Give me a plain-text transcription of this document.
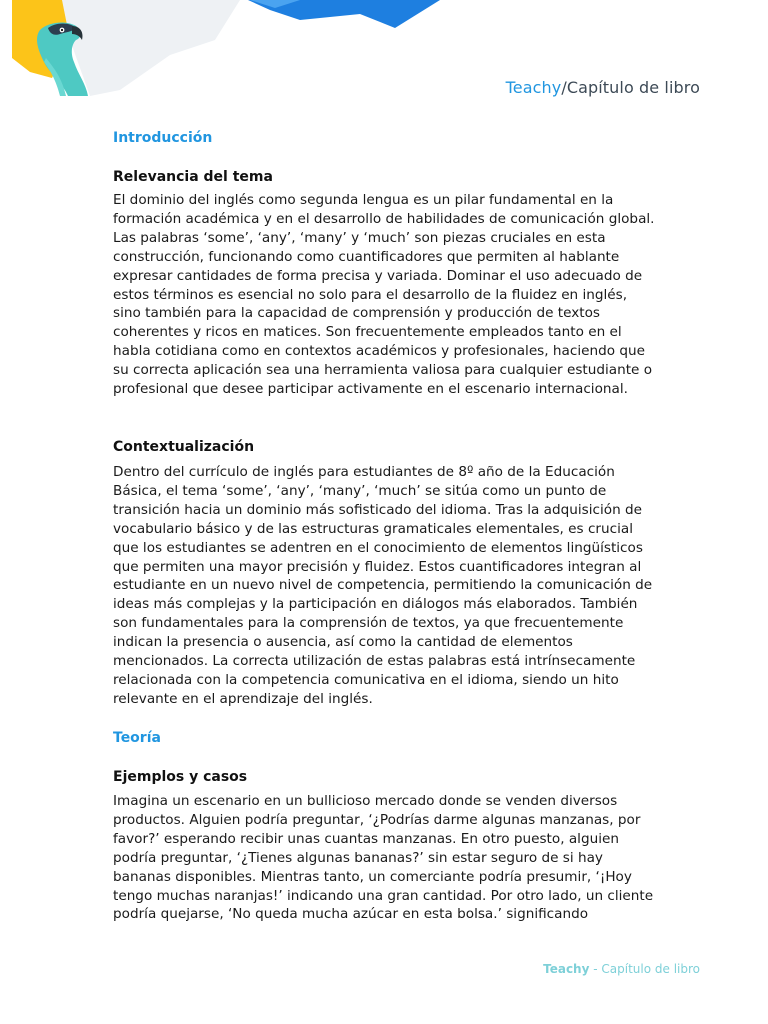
Teachy/Capítulo de libro
Introducción
Relevancia del tema
El dominio del inglés como segunda lengua es un pilar fundamental en la formación académica y en el desarrollo de habilidades de comunicación global. Las palabras ‘some’, ‘any’, ‘many’ y ‘much’ son piezas cruciales en esta construcción, funcionando como cuantificadores que permiten al hablante expresar cantidades de forma precisa y variada. Dominar el uso adecuado de estos términos es esencial no solo para el desarrollo de la fluidez en inglés, sino también para la capacidad de comprensión y producción de textos coherentes y ricos en matices. Son frecuentemente empleados tanto en el habla cotidiana como en contextos académicos y profesionales, haciendo que su correcta aplicación sea una herramienta valiosa para cualquier estudiante o profesional que desee participar activamente en el escenario internacional.
Contextualización
Dentro del currículo de inglés para estudiantes de 8º año de la Educación Básica, el tema ‘some’, ‘any’, ‘many’, ‘much’ se sitúa como un punto de transición hacia un dominio más sofisticado del idioma. Tras la adquisición de vocabulario básico y de las estructuras gramaticales elementales, es crucial que los estudiantes se adentren en el conocimiento de elementos lingüísticos que permiten una mayor precisión y fluidez. Estos cuantificadores integran al estudiante en un nuevo nivel de competencia, permitiendo la comunicación de ideas más complejas y la participación en diálogos más elaborados. También son fundamentales para la comprensión de textos, ya que frecuentemente indican la presencia o ausencia, así como la cantidad de elementos mencionados. La correcta utilización de estas palabras está intrínsecamente relacionada con la competencia comunicativa en el idioma, siendo un hito relevante en el aprendizaje del inglés.
Teoría
Ejemplos y casos
Imagina un escenario en un bullicioso mercado donde se venden diversos productos. Alguien podría preguntar, ‘¿Podrías darme algunas manzanas, por favor?’ esperando recibir unas cuantas manzanas. En otro puesto, alguien podría preguntar, ‘¿Tienes algunas bananas?’ sin estar seguro de si hay bananas disponibles. Mientras tanto, un comerciante podría presumir, ‘¡Hoy tengo muchas naranjas!’ indicando una gran cantidad. Por otro lado, un cliente podría quejarse, ‘No queda mucha azúcar en esta bolsa.’ significando
Teachy - Capítulo de libro
